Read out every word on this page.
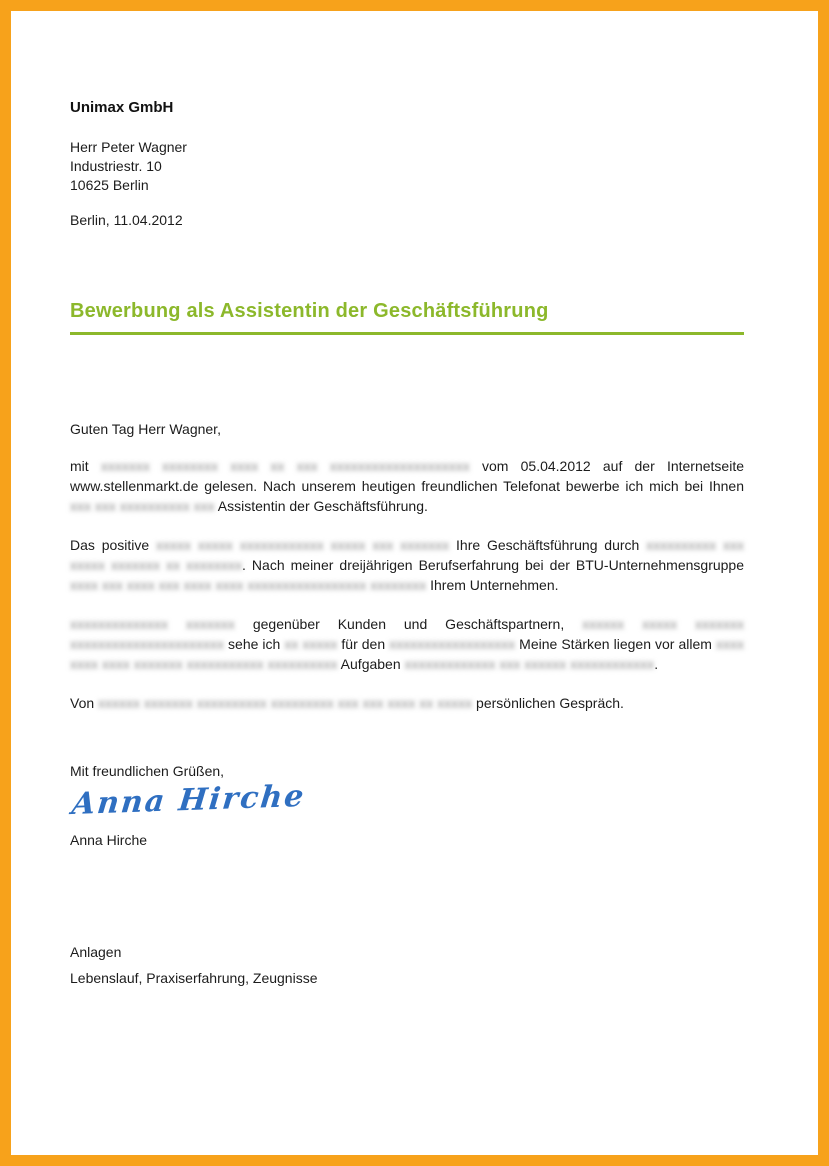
Unimax GmbH
Herr Peter Wagner
Industriestr. 10
10625 Berlin
Berlin, 11.04.2012
Bewerbung als Assistentin der Geschäftsführung
Guten Tag Herr Wagner,

mit xxxxxxx xxxxxxxx xxxx xx xxx xxxxxxxxxxxxxxxxxxxx vom 05.04.2012 auf der Internetseite www.stellenmarkt.de gelesen. Nach unserem heutigen freundlichen Telefonat bewerbe ich mich bei Ihnen xxx xxx xxxxxxxxxx xxx Assistentin der Geschäftsführung.

Das positive xxxxx xxxxx xxxxxxxxxxxx xxxxx xxx xxxxxxx Ihre Geschäftsführung durch xxxxxxxxxx xxx xxxxx xxxxxxx xx xxxxxxxx. Nach meiner dreijährigen Berufserfahrung bei der BTU-Unternehmensgruppe xxxx xxx xxxx xxx xxxx xxxx xxxxxxxxxxxxxxxxx xxxxxxxx Ihrem Unternehmen.

xxxxxxxxxxxxxx xxxxxxx gegenüber Kunden und Geschäftspartnern, xxxxxx xxxxx xxxxxxx xxxxxxxxxxxxxxxxxxxxxx sehe ich xx xxxxx für den xxxxxxxxxxxxxxxxxx Meine Stärken liegen vor allem xxxx xxxx xxxx xxxxxxx xxxxxxxxxxx xxxxxxxxxx Aufgaben xxxxxxxxxxxxx xxx xxxxxx xxxxxxxxxxxx.

Von xxxxxx xxxxxxx xxxxxxxxxx xxxxxxxxx xxx xxx xxxx xx xxxxx persönlichen Gespräch.

Mit freundlichen Grüßen,
Anna Hirche
Anna Hirche
Anlagen
Lebenslauf, Praxiserfahrung, Zeugnisse
